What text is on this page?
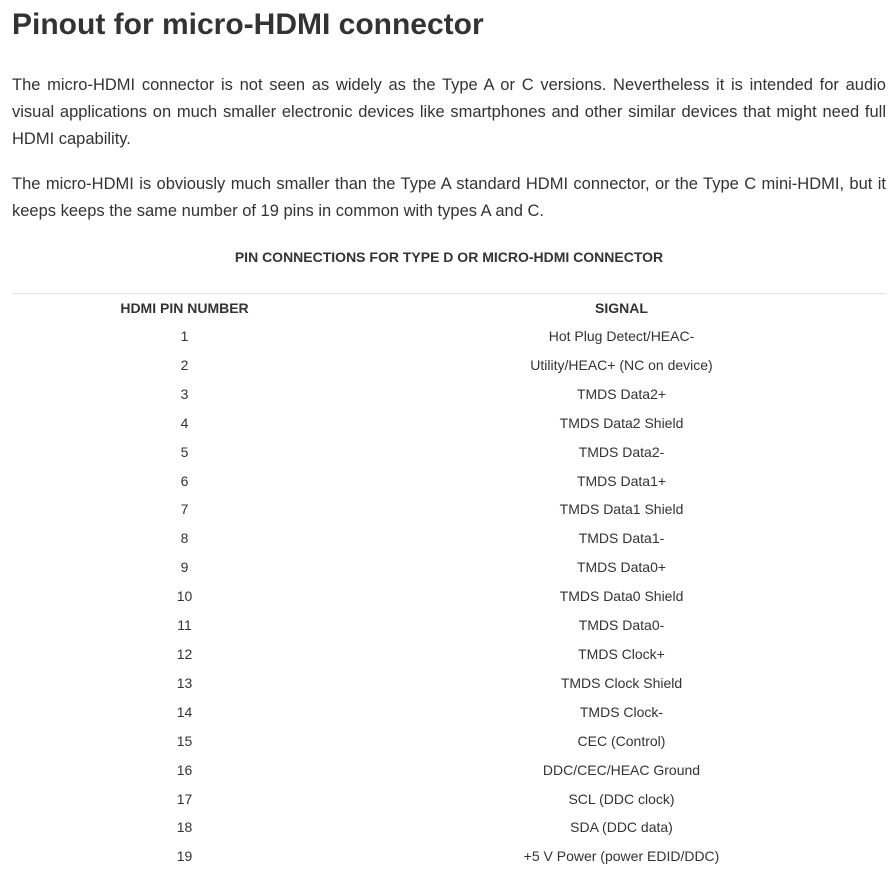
Pinout for micro-HDMI connector

The micro-HDMI connector is not seen as widely as the Type A or C versions. Nevertheless it is intended for audio visual applications on much smaller electronic devices like smartphones and other similar devices that might need full HDMI capability.

The micro-HDMI is obviously much smaller than the Type A standard HDMI connector, or the Type C mini-HDMI, but it keeps keeps the same number of 19 pins in common with types A and C.

PIN CONNECTIONS FOR TYPE D OR MICRO-HDMI CONNECTOR
HDMI PIN NUMBER	SIGNAL
1	Hot Plug Detect/HEAC-
2	Utility/HEAC+ (NC on device)
3	TMDS Data2+
4	TMDS Data2 Shield
5	TMDS Data2-
6	TMDS Data1+
7	TMDS Data1 Shield
8	TMDS Data1-
9	TMDS Data0+
10	TMDS Data0 Shield
11	TMDS Data0-
12	TMDS Clock+
13	TMDS Clock Shield
14	TMDS Clock-
15	CEC (Control)
16	DDC/CEC/HEAC Ground
17	SCL (DDC clock)
18	SDA (DDC data)
19	+5 V Power (power EDID/DDC)
